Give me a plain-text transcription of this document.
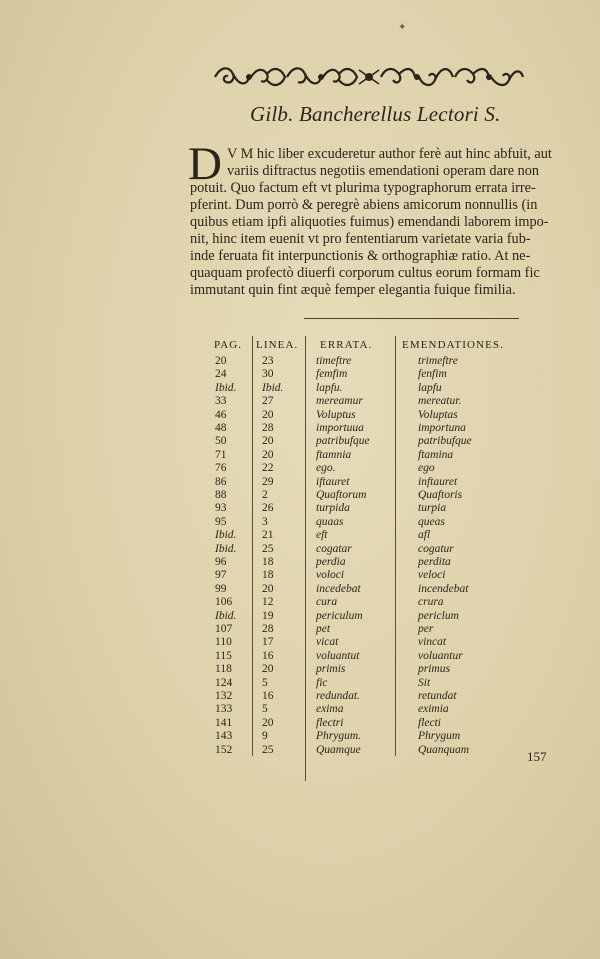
Gilb. Bancherellus Lectori S.
D V M hic liber excuderetur author ferè aut hinc abfuit, aut
variis diftractus negotiis emendationi operam dare non
potuit. Quo factum eft vt plurima typographorum errata irre-
pferint. Dum porrò & peregrè abiens amicorum nonnullis (in
quibus etiam ipfi aliquoties fuimus) emendandi laborem impo-
nit, hinc item euenit vt pro fententiarum varietate varia fub-
inde feruata fit interpunctionis & orthographiæ ratio. At ne-
quaquam profectò diuerfi corporum cultus eorum formam fic
immutant quin fint æquè femper elegantia fuique fimilia.
PAG. LINEA. ERRATA.	EMENDATIONES.
20	23	timeftre	trimeftre
24	30	femfim	fenfim
Ibid. Ibid.	lapfu.	lapfu
33	27	mereamur	mereatur.
46	20	Voluptus	Voluptas
48	28	importuua	importuna
50	20	patribufque	patribufque
71	20	ftamnia	ftamina
76	22	ego.	ego
86	29	iftauret	inftauret
88	2	Quaftorum	Quaftoris
93	26	turpida	turpia
95	3	quaas	queas
Ibid. 21	eft	afl
Ibid. 25	cogatar	cogatur
96	18	perdia	perdita
97	18	voloci	veloci
99	20	incedebat	incendebat
106	12	cura	crura
Ibid. 19	periculum	periclum
107	28	pet	per
110	17	vicat	vincat
115	16	voluantut	voluantur
118	20	primis	primus
124	5	fic	Sit
132	16	redundat.	retundat
133	5	exima	eximia
141	20	flectri	flecti
143	9	Phrygum.	Phrygum
152	25	Quamque	Quanquam	157
✦
